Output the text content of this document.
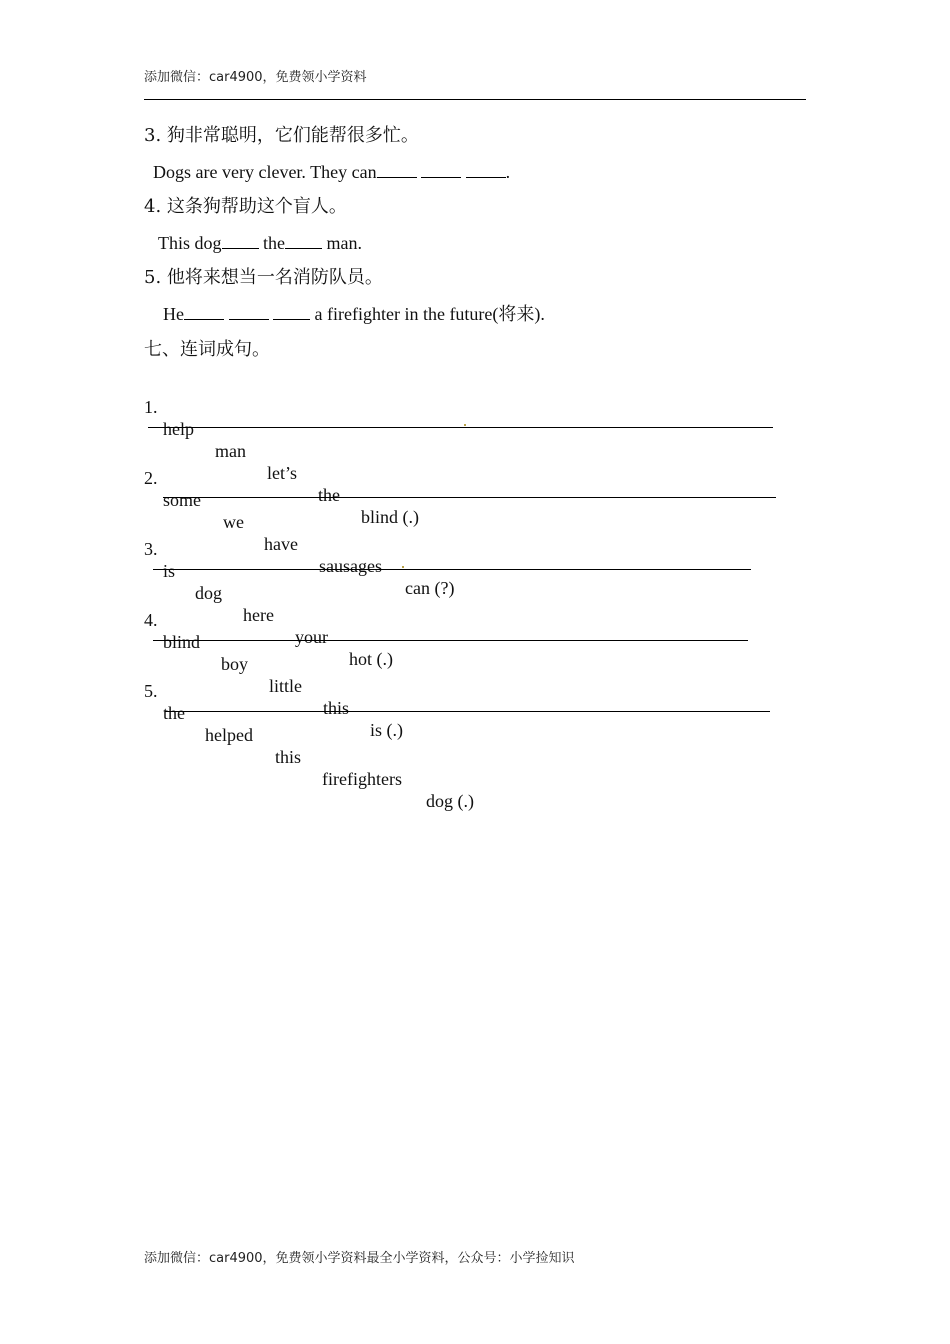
添加微信：car4900，免费领小学资料
3. 狗非常聪明，它们能帮很多忙。
Dogs are very clever. They can	.
4. 这条狗帮助这个盲人。
This dog the man.
5. 他将来想当一名消防队员。
He	a firefighter in the future(将来).
七、连词成句。

1.

help

man

let’s

the

blind (.)

2.

some

we

have

sausages

can (?)

3.

is

dog

here

your

hot (.)

4.

blind

boy

little

this

is (.)

5.

the

helped

this

firefighters

dog (.)

添加微信：car4900，免费领小学资料最全小学资料，公众号：小学捡知识
